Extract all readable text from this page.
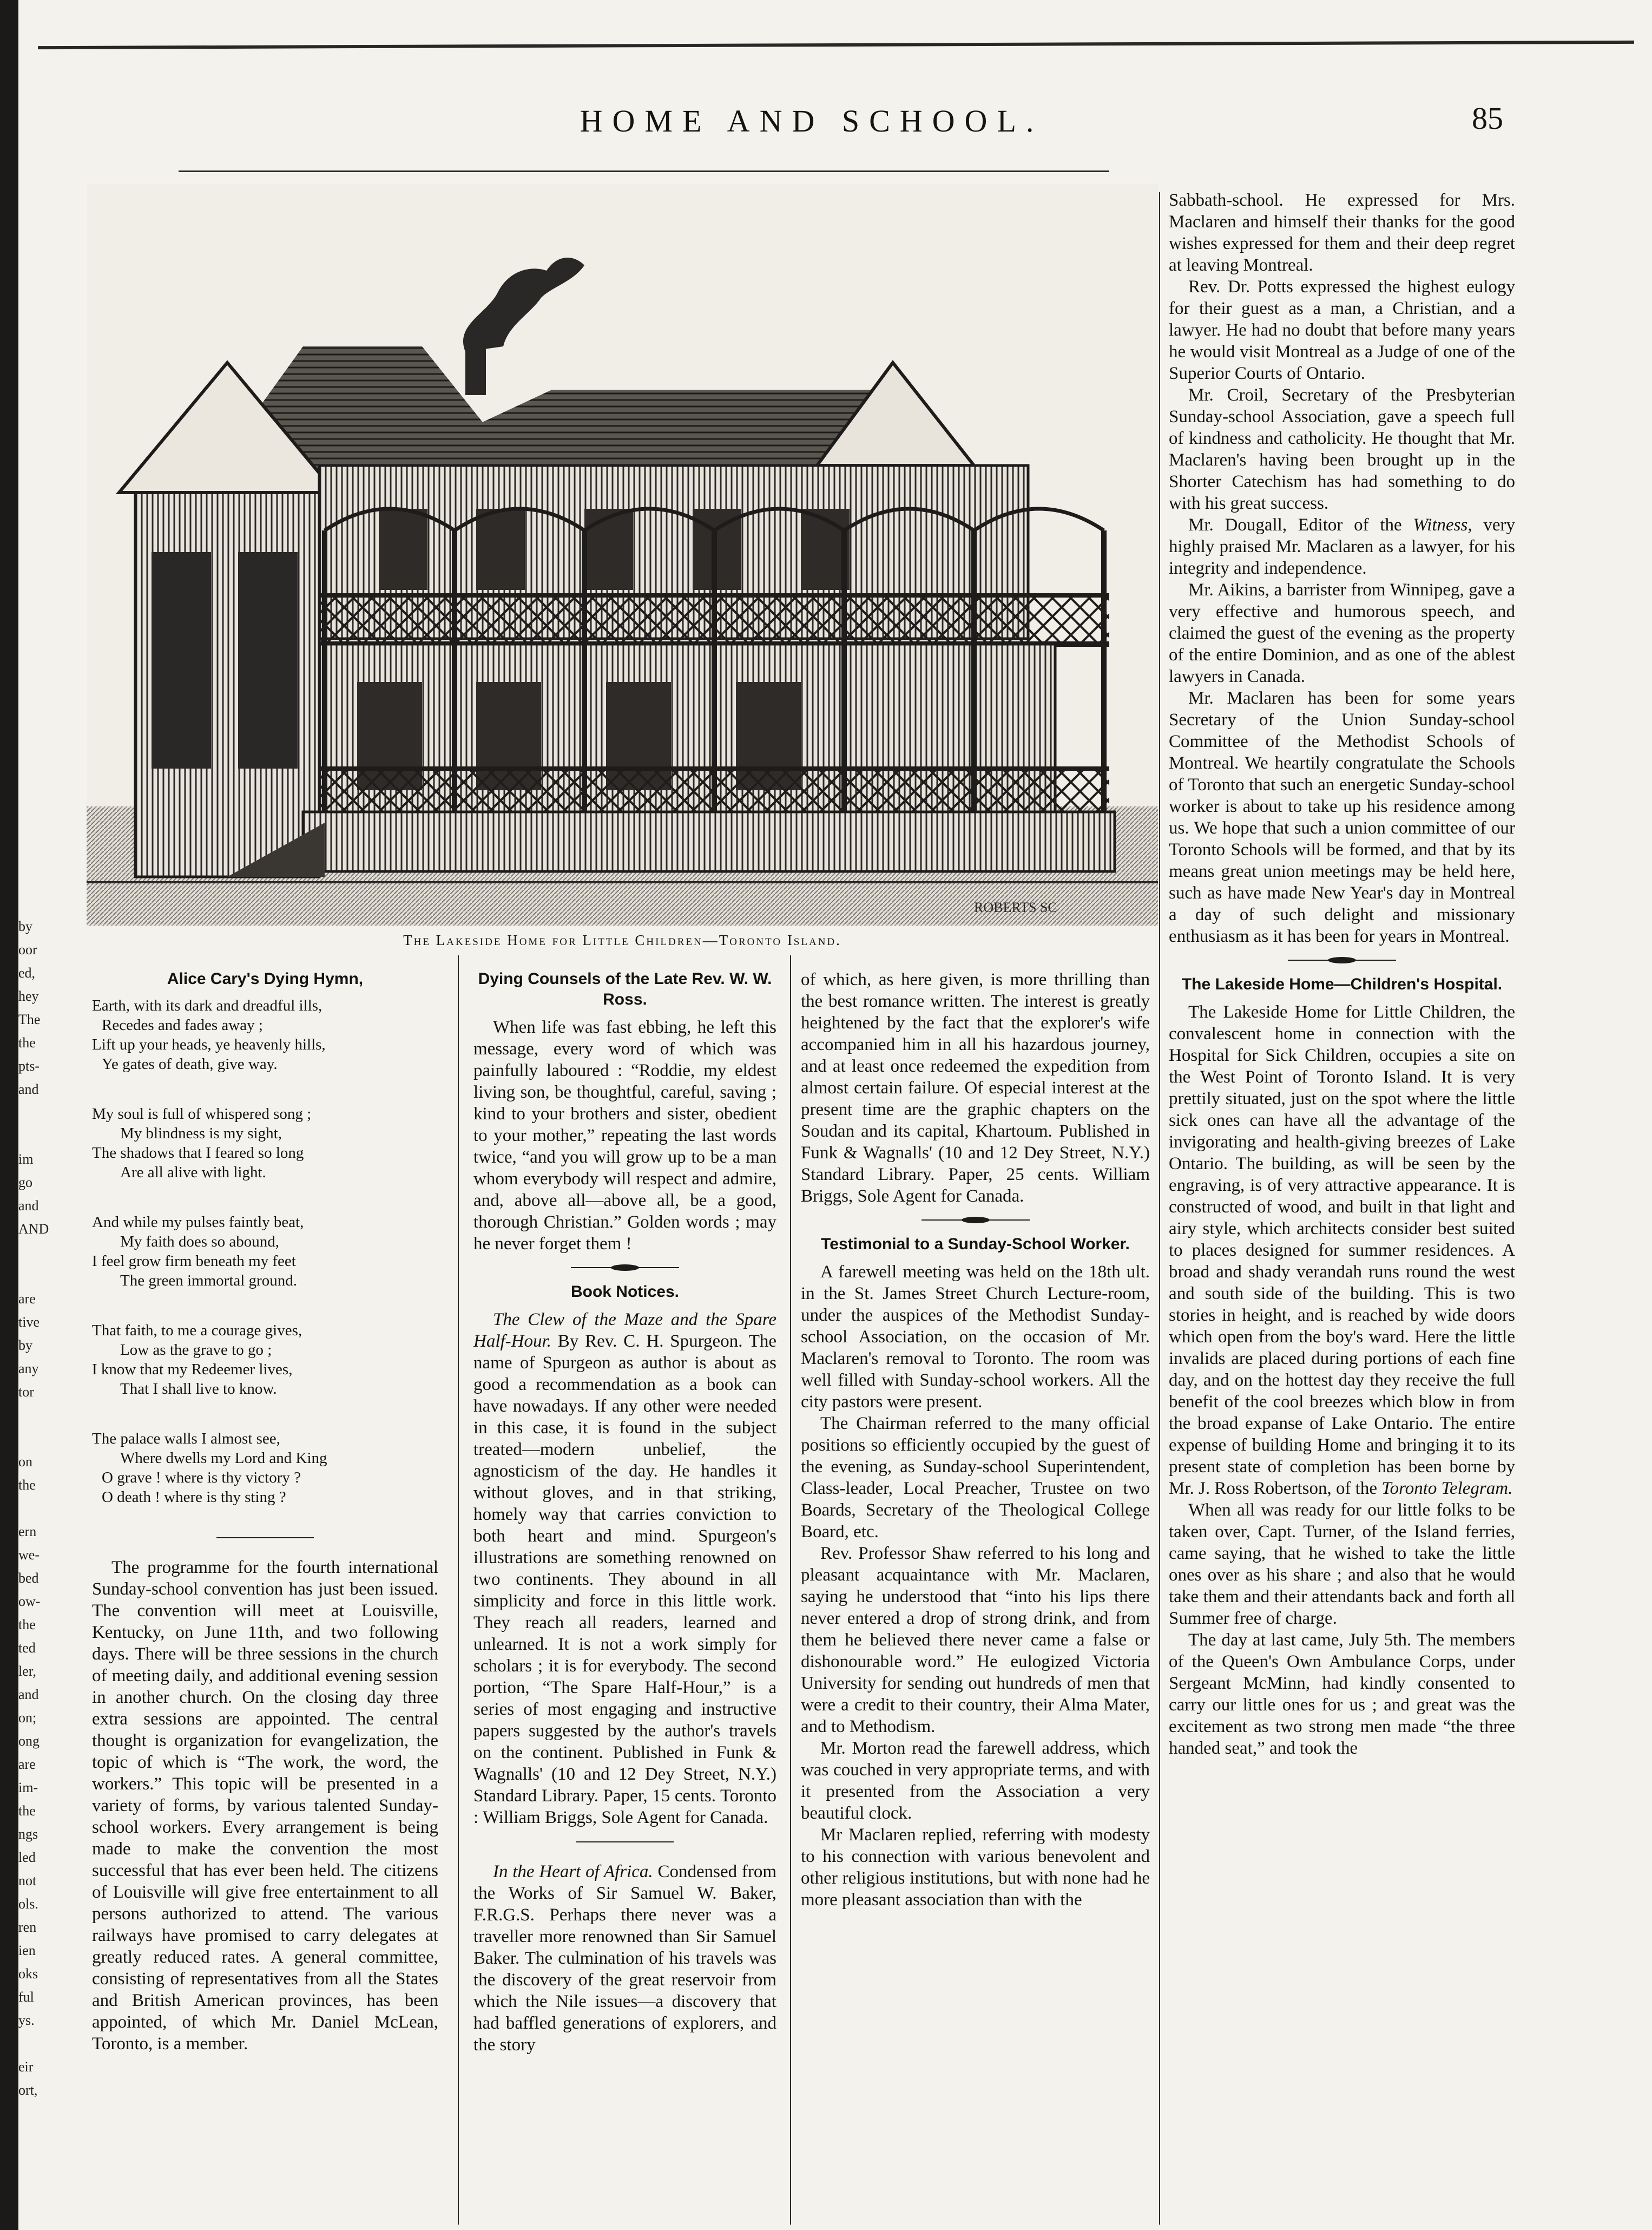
by
oor
ed,
hey
The
the
pts-
and

im
go
and
AND

are
tive
by
any
tor

on
the

ern
we-
bed
ow-
the
ted
ler,
and
on;
ong
are
im-
the
ngs
led
not
ols.
ren
ien
oks
ful
ys.

eir
ort,
HOME AND SCHOOL.	85
ROBERTS SC
The Lakeside Home for Little Children—Toronto Island.
Alice Cary's Dying Hymn,
Earth, with its dark and dreadful ills,
Recedes and fades away ;
Lift up your heads, ye heavenly hills,
Ye gates of death, give way.
My soul is full of whispered song ;
My blindness is my sight,
The shadows that I feared so long
Are all alive with light.
And while my pulses faintly beat,
My faith does so abound,
I feel grow firm beneath my feet
The green immortal ground.
That faith, to me a courage gives,
Low as the grave to go ;
I know that my Redeemer lives,
That I shall live to know.
The palace walls I almost see,
Where dwells my Lord and King
O grave ! where is thy victory ?
O death ! where is thy sting ?

The programme for the fourth international Sunday-school convention has just been issued. The convention will meet at Louisville, Kentucky, on June 11th, and two following days. There will be three sessions in the church of meeting daily, and additional evening session in another church. On the closing day three extra sessions are appointed. The central thought is organization for evangelization, the topic of which is “The work, the word, the workers.” This topic will be presented in a variety of forms, by various talented Sunday-school workers. Every arrangement is being made to make the convention the most successful that has ever been held. The citizens of Louisville will give free entertainment to all persons authorized to attend. The various railways have promised to carry delegates at greatly reduced rates. A general committee, consisting of representatives from all the States and British American provinces, has been appointed, of which Mr. Daniel McLean, Toronto, is a member.

Dying Counsels of the Late Rev. W. W. Ross.

When life was fast ebbing, he left this message, every word of which was painfully laboured : “Roddie, my eldest living son, be thoughtful, careful, saving ; kind to your brothers and sister, obedient to your mother,” repeating the last words twice, “and you will grow up to be a man whom everybody will respect and admire, and, above all—above all, be a good, thorough Christian.” Golden words ; may he never forget them !

Book Notices.

The Clew of the Maze and the Spare Half-Hour. By Rev. C. H. Spurgeon. The name of Spurgeon as author is about as good a recommendation as a book can have nowadays. If any other were needed in this case, it is found in the subject treated—modern unbelief, the agnosticism of the day. He handles it without gloves, and in that striking, homely way that carries conviction to both heart and mind. Spurgeon's illustrations are something renowned on two continents. They abound in all simplicity and force in this little work. They reach all readers, learned and unlearned. It is not a work simply for scholars ; it is for everybody. The second portion, “The Spare Half-Hour,” is a series of most engaging and instructive papers suggested by the author's travels on the continent. Published in Funk & Wagnalls' (10 and 12 Dey Street, N.Y.) Standard Library. Paper, 15 cents. Toronto : William Briggs, Sole Agent for Canada.

In the Heart of Africa. Condensed from the Works of Sir Samuel W. Baker, F.R.G.S. Perhaps there never was a traveller more renowned than Sir Samuel Baker. The culmination of his travels was the discovery of the great reservoir from which the Nile issues—a discovery that had baffled generations of explorers, and the story

of which, as here given, is more thrilling than the best romance written. The interest is greatly heightened by the fact that the explorer's wife accompanied him in all his hazardous journey, and at least once redeemed the expedition from almost certain failure. Of especial interest at the present time are the graphic chapters on the Soudan and its capital, Khartoum. Published in Funk & Wagnalls' (10 and 12 Dey Street, N.Y.) Standard Library. Paper, 25 cents. William Briggs, Sole Agent for Canada.

Testimonial to a Sunday-School Worker.

A farewell meeting was held on the 18th ult. in the St. James Street Church Lecture-room, under the auspices of the Methodist Sunday-school Association, on the occasion of Mr. Maclaren's removal to Toronto. The room was well filled with Sunday-school workers. All the city pastors were present.

The Chairman referred to the many official positions so efficiently occupied by the guest of the evening, as Sunday-school Superintendent, Class-leader, Local Preacher, Trustee on two Boards, Secretary of the Theological College Board, etc.

Rev. Professor Shaw referred to his long and pleasant acquaintance with Mr. Maclaren, saying he understood that “into his lips there never entered a drop of strong drink, and from them he believed there never came a false or dishonourable word.” He eulogized Victoria University for sending out hundreds of men that were a credit to their country, their Alma Mater, and to Methodism.

Mr. Morton read the farewell address, which was couched in very appropriate terms, and with it presented from the Association a very beautiful clock.

Mr Maclaren replied, referring with modesty to his connection with various benevolent and other religious institutions, but with none had he more pleasant association than with the

Sabbath-school. He expressed for Mrs. Maclaren and himself their thanks for the good wishes expressed for them and their deep regret at leaving Montreal.

Rev. Dr. Potts expressed the highest eulogy for their guest as a man, a Christian, and a lawyer. He had no doubt that before many years he would visit Montreal as a Judge of one of the Superior Courts of Ontario.

Mr. Croil, Secretary of the Presbyterian Sunday-school Association, gave a speech full of kindness and catholicity. He thought that Mr. Maclaren's having been brought up in the Shorter Catechism has had something to do with his great success.

Mr. Dougall, Editor of the Witness, very highly praised Mr. Maclaren as a lawyer, for his integrity and independence.

Mr. Aikins, a barrister from Winnipeg, gave a very effective and humorous speech, and claimed the guest of the evening as the property of the entire Dominion, and as one of the ablest lawyers in Canada.

Mr. Maclaren has been for some years Secretary of the Union Sunday-school Committee of the Methodist Schools of Montreal. We heartily congratulate the Schools of Toronto that such an energetic Sunday-school worker is about to take up his residence among us. We hope that such a union committee of our Toronto Schools will be formed, and that by its means great union meetings may be held here, such as have made New Year's day in Montreal a day of such delight and missionary enthusiasm as it has been for years in Montreal.

The Lakeside Home—Children's Hospital.

The Lakeside Home for Little Children, the convalescent home in connection with the Hospital for Sick Children, occupies a site on the West Point of Toronto Island. It is very prettily situated, just on the spot where the little sick ones can have all the advantage of the invigorating and health-giving breezes of Lake Ontario. The building, as will be seen by the engraving, is of very attractive appearance. It is constructed of wood, and built in that light and airy style, which architects consider best suited to places designed for summer residences. A broad and shady verandah runs round the west and south side of the building. This is two stories in height, and is reached by wide doors which open from the boy's ward. Here the little invalids are placed during portions of each fine day, and on the hottest day they receive the full benefit of the cool breezes which blow in from the broad expanse of Lake Ontario. The entire expense of building Home and bringing it to its present state of completion has been borne by Mr. J. Ross Robertson, of the Toronto Telegram.

When all was ready for our little folks to be taken over, Capt. Turner, of the Island ferries, came saying, that he wished to take the little ones over as his share ; and also that he would take them and their attendants back and forth all Summer free of charge.

The day at last came, July 5th. The members of the Queen's Own Ambulance Corps, under Sergeant McMinn, had kindly consented to carry our little ones for us ; and great was the excitement as two strong men made “the three handed seat,” and took the
